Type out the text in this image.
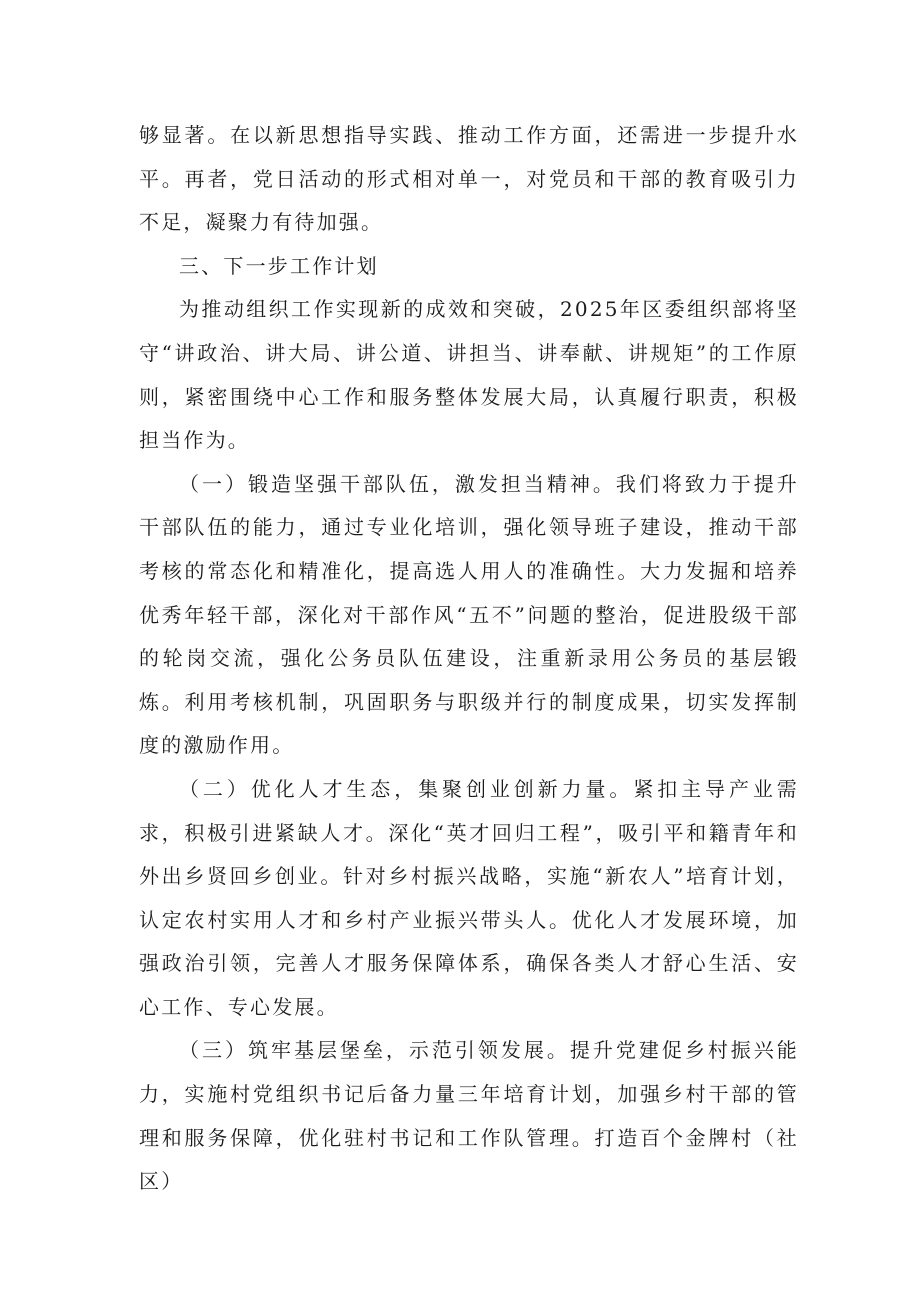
够显著。在以新思想指导实践、推动工作方面，还需进一步提升水平。再者，党日活动的形式相对单一，对党员和干部的教育吸引力不足，凝聚力有待加强。

三、下一步工作计划

为推动组织工作实现新的成效和突破，2025年区委组织部将坚守“讲政治、讲大局、讲公道、讲担当、讲奉献、讲规矩”的工作原则，紧密围绕中心工作和服务整体发展大局，认真履行职责，积极担当作为。

（一）锻造坚强干部队伍，激发担当精神。我们将致力于提升干部队伍的能力，通过专业化培训，强化领导班子建设，推动干部考核的常态化和精准化，提高选人用人的准确性。大力发掘和培养优秀年轻干部，深化对干部作风“五不”问题的整治，促进股级干部的轮岗交流，强化公务员队伍建设，注重新录用公务员的基层锻炼。利用考核机制，巩固职务与职级并行的制度成果，切实发挥制度的激励作用。

（二）优化人才生态，集聚创业创新力量。紧扣主导产业需求，积极引进紧缺人才。深化“英才回归工程”，吸引平和籍青年和外出乡贤回乡创业。针对乡村振兴战略，实施“新农人”培育计划，认定农村实用人才和乡村产业振兴带头人。优化人才发展环境，加强政治引领，完善人才服务保障体系，确保各类人才舒心生活、安心工作、专心发展。

（三）筑牢基层堡垒，示范引领发展。提升党建促乡村振兴能力，实施村党组织书记后备力量三年培育计划，加强乡村干部的管理和服务保障，优化驻村书记和工作队管理。打造百个金牌村（社区）
